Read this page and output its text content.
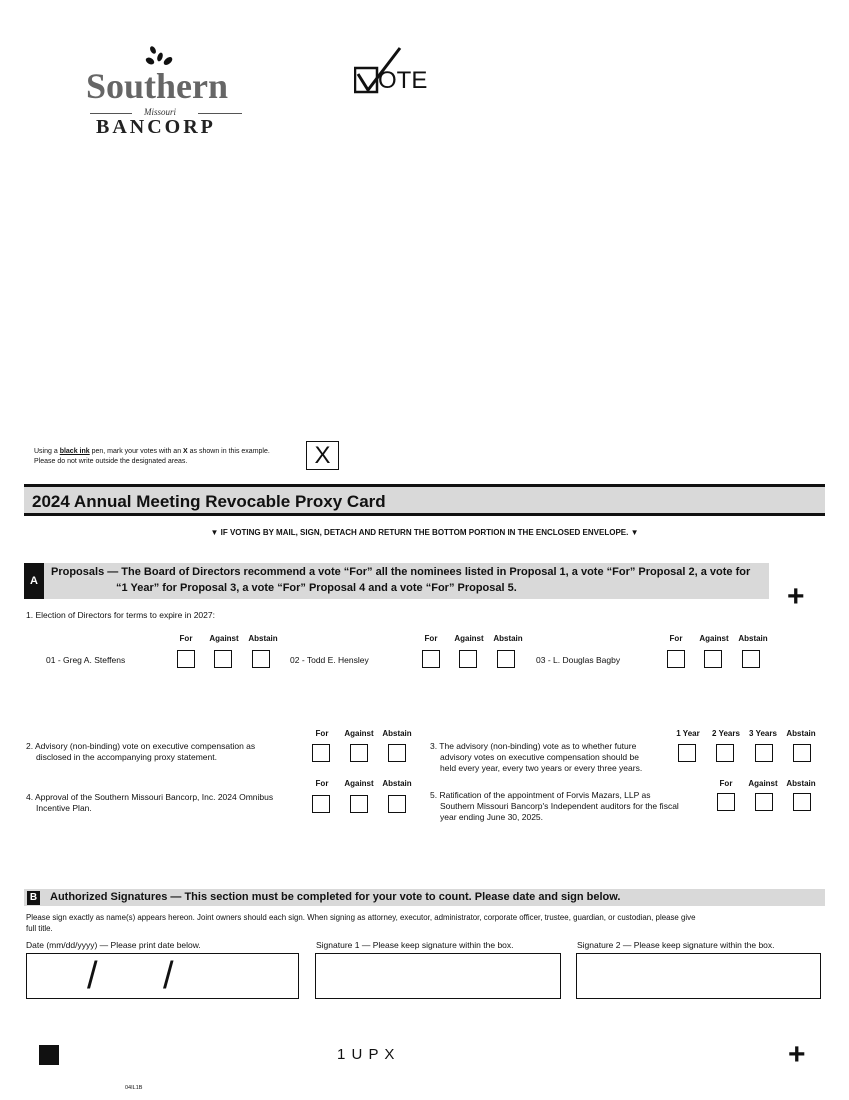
Southern
Missouri
BANCORP
OTE
Using a black ink pen, mark your votes with an X as shown in this example.
Please do not write outside the designated areas.	X
2024 Annual Meeting Revocable Proxy Card
▼ IF VOTING BY MAIL, SIGN, DETACH AND RETURN THE BOTTOM PORTION IN THE ENCLOSED ENVELOPE. ▼
A
Proposals — The Board of Directors recommend a vote “For” all the nominees listed in Proposal 1, a vote “For” Proposal 2, a vote for
“1 Year” for Proposal 3, a vote “For” Proposal 4 and a vote “For” Proposal 5.	+
1. Election of Directors for terms to expire in 2027:
For	Against	Abstain
01 - Greg A. Steffens
For	Against	Abstain
02 - Todd E. Hensley
For	Against	Abstain
03 - L. Douglas Bagby
2. Advisory (non-binding) vote on executive compensation as
disclosed in the accompanying proxy statement.
For	Against	Abstain
3. The advisory (non-binding) vote as to whether future
advisory votes on executive compensation should be
held every year, every two years or every three years.
1 Year	2 Years	3 Years	Abstain
4. Approval of the Southern Missouri Bancorp, Inc. 2024 Omnibus
Incentive Plan.
For	Against	Abstain
5. Ratification of the appointment of Forvis Mazars, LLP as
Southern Missouri Bancorp's Independent auditors for the fiscal
year ending June 30, 2025.
For	Against	Abstain
B Authorized Signatures — This section must be completed for your vote to count. Please date and sign below.
Please sign exactly as name(s) appears hereon. Joint owners should each sign. When signing as attorney, executor, administrator, corporate officer, trustee, guardian, or custodian, please give
full title.
Date (mm/dd/yyyy) — Please print date below.	Signature 1 — Please keep signature within the box.	Signature 2 — Please keep signature within the box.
/ /
1 U P X	+
04IL1B
